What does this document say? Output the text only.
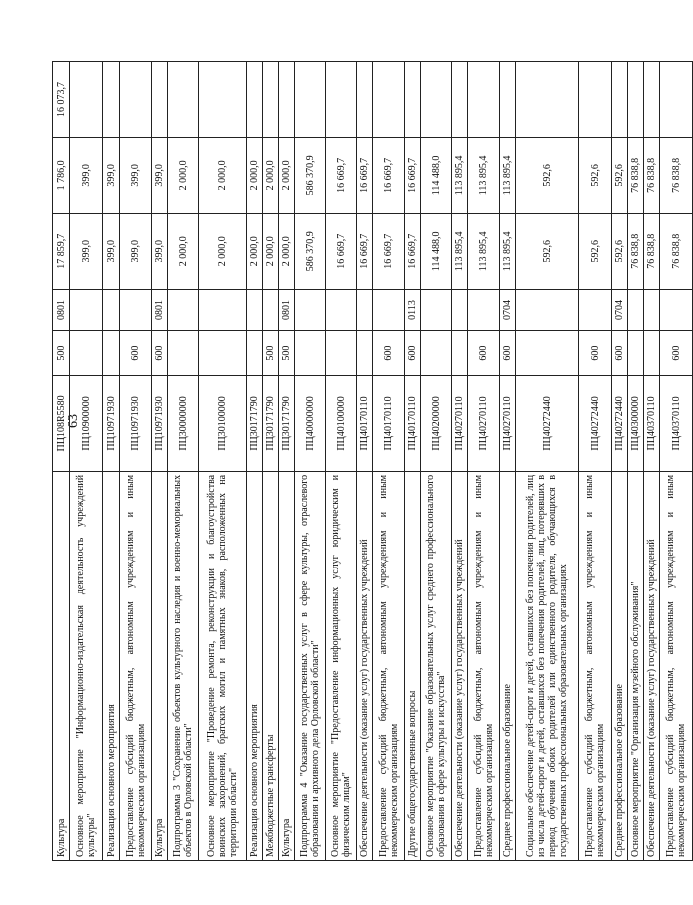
63
Культура	ПЦ108R5580	500	0801	17 859,7	1 786,0	16 073,7
Основное мероприятие "Информационно-издательская деятельность учреждений культуры"	ПЦ10900000			399,0	399,0	
Реализация основного мероприятия	ПЦ10971930			399,0	399,0	
Предоставление субсидий бюджетным, автономным учреждениям и иным некоммерческим организациям	ПЦ10971930	600		399,0	399,0	
Культура	ПЦ10971930	600	0801	399,0	399,0	
Подпрограмма 3 "Сохранение объектов культурного наследия и военно-мемориальных объектов в Орловской области"	ПЦ30000000			2 000,0	2 000,0	
Основное мероприятие "Проведение ремонта, реконструкции и благоустройства воинских захоронений, братских могил и памятных знаков, расположенных на территории области"	ПЦ30100000			2 000,0	2 000,0	
Реализация основного мероприятия	ПЦ30171790			2 000,0	2 000,0	
Межбюджетные трансферты	ПЦ30171790	500		2 000,0	2 000,0	
Культура	ПЦ30171790	500	0801	2 000,0	2 000,0	
Подпрограмма 4 "Оказание государственных услуг в сфере культуры, отраслевого образования и архивного дела Орловской области"	ПЦ40000000			586 370,9	586 370,9	
Основное мероприятие "Предоставление информационных услуг юридическим и физическим лицам"	ПЦ40100000			16 669,7	16 669,7	
Обеспечение деятельности (оказание услуг) государственных учреждений	ПЦ40170110			16 669,7	16 669,7	
Предоставление субсидий бюджетным, автономным учреждениям и иным некоммерческим организациям	ПЦ40170110	600		16 669,7	16 669,7	
Другие общегосударственные вопросы	ПЦ40170110	600	0113	16 669,7	16 669,7	
Основное мероприятие "Оказание образовательных услуг среднего профессионального образования в сфере культуры и искусства"	ПЦ40200000			114 488,0	114 488,0	
Обеспечение деятельности (оказание услуг) государственных учреждений	ПЦ40270110			113 895,4	113 895,4	
Предоставление субсидий бюджетным, автономным учреждениям и иным некоммерческим организациям	ПЦ40270110	600		113 895,4	113 895,4	
Среднее профессиональное образование	ПЦ40270110	600	0704	113 895,4	113 895,4	
Социальное обеспечение детей-сирот и детей, оставшихся без попечения родителей, лиц из числа детей-сирот и детей, оставшихся без попечения родителей, лиц, потерявших в период обучения обоих родителей или единственного родителя, обучающихся в государственных профессиональных образовательных организациях	ПЦ40272440			592,6	592,6	
Предоставление субсидий бюджетным, автономным учреждениям и иным некоммерческим организациям	ПЦ40272440	600		592,6	592,6	
Среднее профессиональное образование	ПЦ40272440	600	0704	592,6	592,6	
Основное мероприятие "Организация музейного обслуживания"	ПЦ40300000			76 838,8	76 838,8	
Обеспечение деятельности (оказание услуг) государственных учреждений	ПЦ40370110			76 838,8	76 838,8	
Предоставление субсидий бюджетным, автономным учреждениям и иным некоммерческим организациям	ПЦ40370110	600		76 838,8	76 838,8	
